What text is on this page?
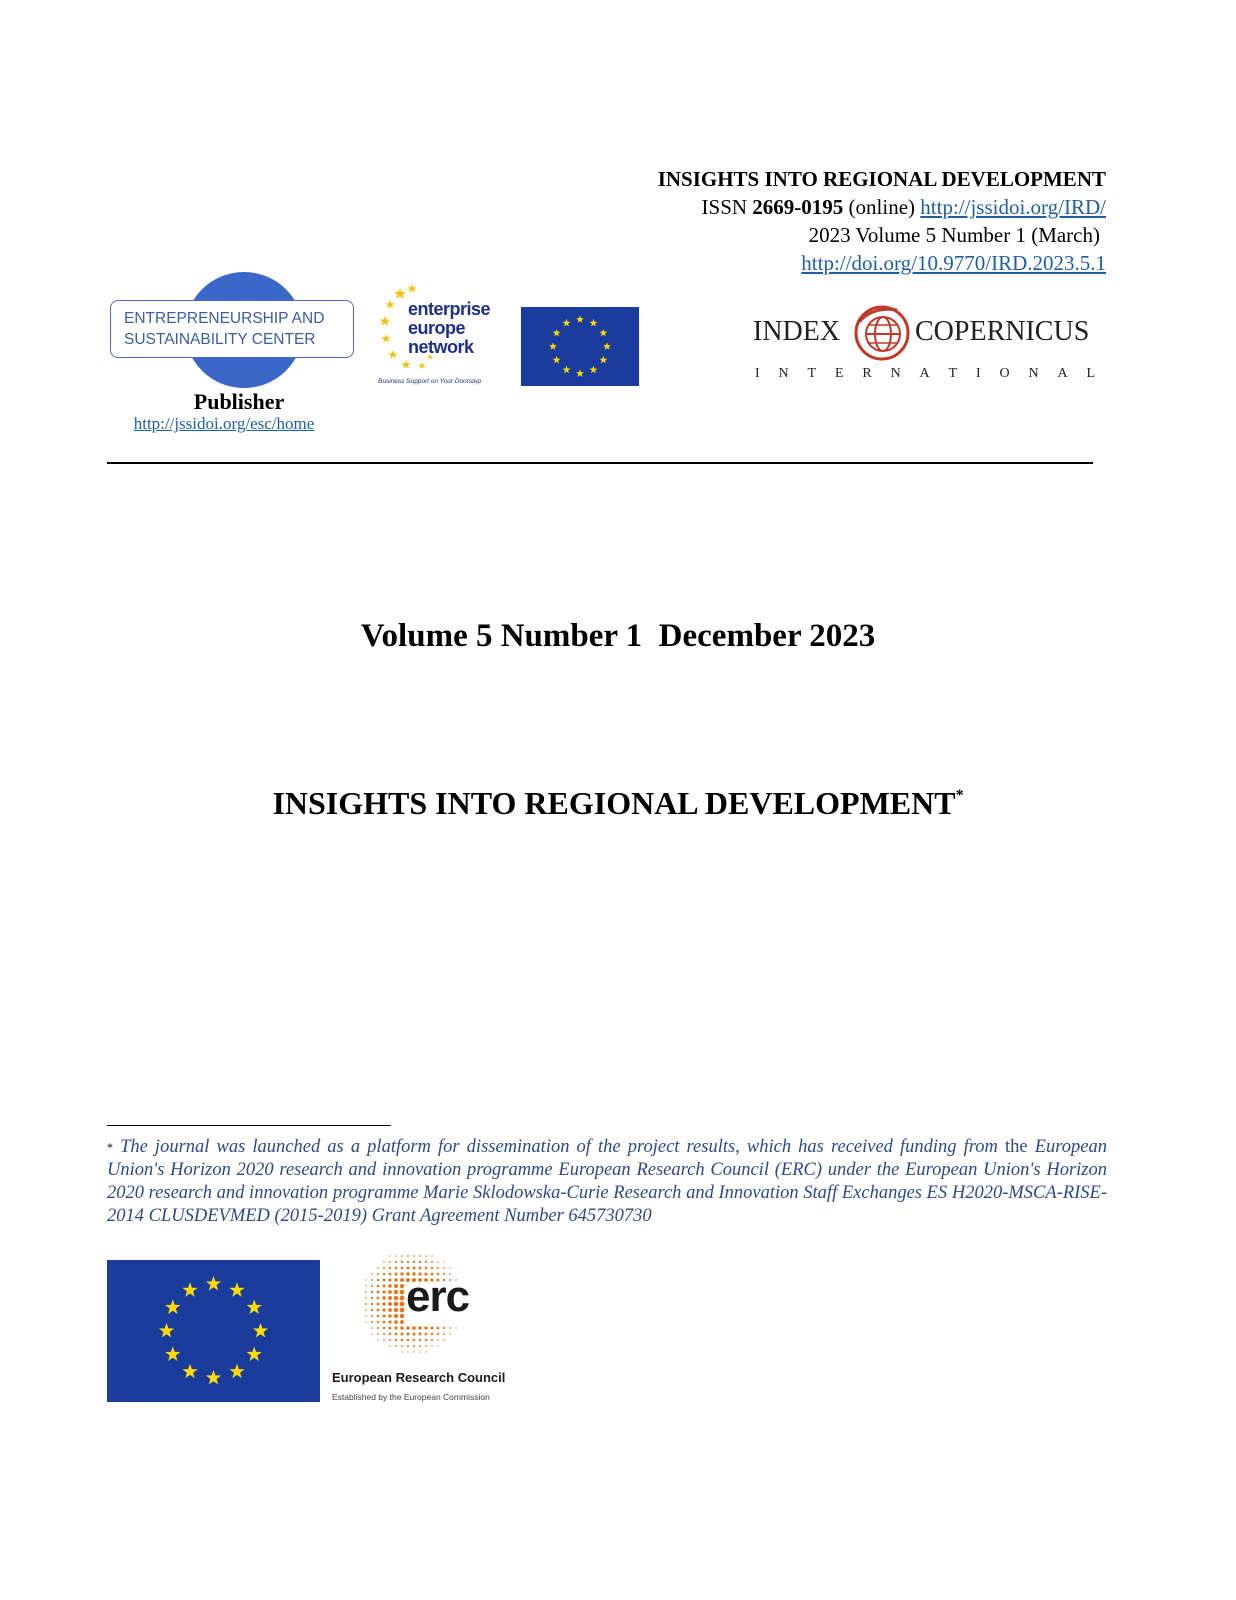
INSIGHTS INTO REGIONAL DEVELOPMENT
ISSN 2669-0195 (online) http://jssidoi.org/IRD/
2023 Volume 5 Number 1 (March)
http://doi.org/10.9770/IRD.2023.5.1
ENTREPRENEURSHIP AND
SUSTAINABILITY CENTER
Publisher
http://jssidoi.org/esc/home
enterprise
europe
network
Business Support on Your Doorstep
INDEX	COPERNICUS
I N T E R N A T I O N A L
Volume 5 Number 1  December 2023
INSIGHTS INTO REGIONAL DEVELOPMENT*
* The journal was launched as a platform for dissemination of the project results, which has received funding from the European Union's Horizon 2020 research and innovation programme European Research Council (ERC) under the European Union's Horizon 2020 research and innovation programme Marie Sklodowska-Curie Research and Innovation Staff Exchanges ES H2020-MSCA-RISE-2014 CLUSDEVMED (2015-2019) Grant Agreement Number 645730730
erc
European Research Council
Established by the European Commission
